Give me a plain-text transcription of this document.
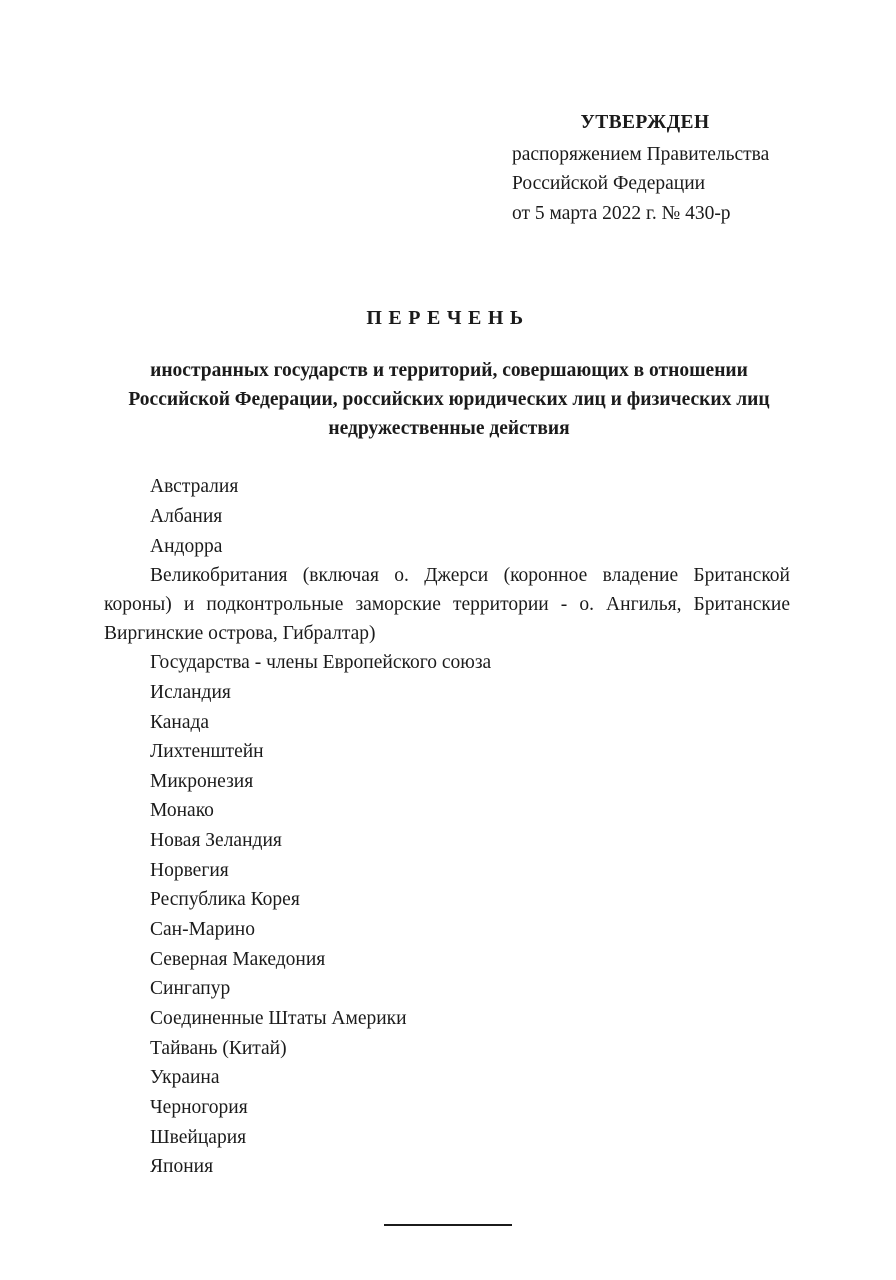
УТВЕРЖДЕН
распоряжением Правительства
Российской Федерации
от 5 марта 2022 г. № 430-р
ПЕРЕЧЕНЬ
иностранных государств и территорий, совершающих в отношении Российской Федерации, российских юридических лиц и физических лиц недружественные действия
Австралия
Албания
Андорра
Великобритания (включая о. Джерси (коронное владение Британской короны) и подконтрольные заморские территории - о. Ангилья, Британские Виргинские острова, Гибралтар)
Государства - члены Европейского союза
Исландия
Канада
Лихтенштейн
Микронезия
Монако
Новая Зеландия
Норвегия
Республика Корея
Сан-Марино
Северная Македония
Сингапур
Соединенные Штаты Америки
Тайвань (Китай)
Украина
Черногория
Швейцария
Япония
